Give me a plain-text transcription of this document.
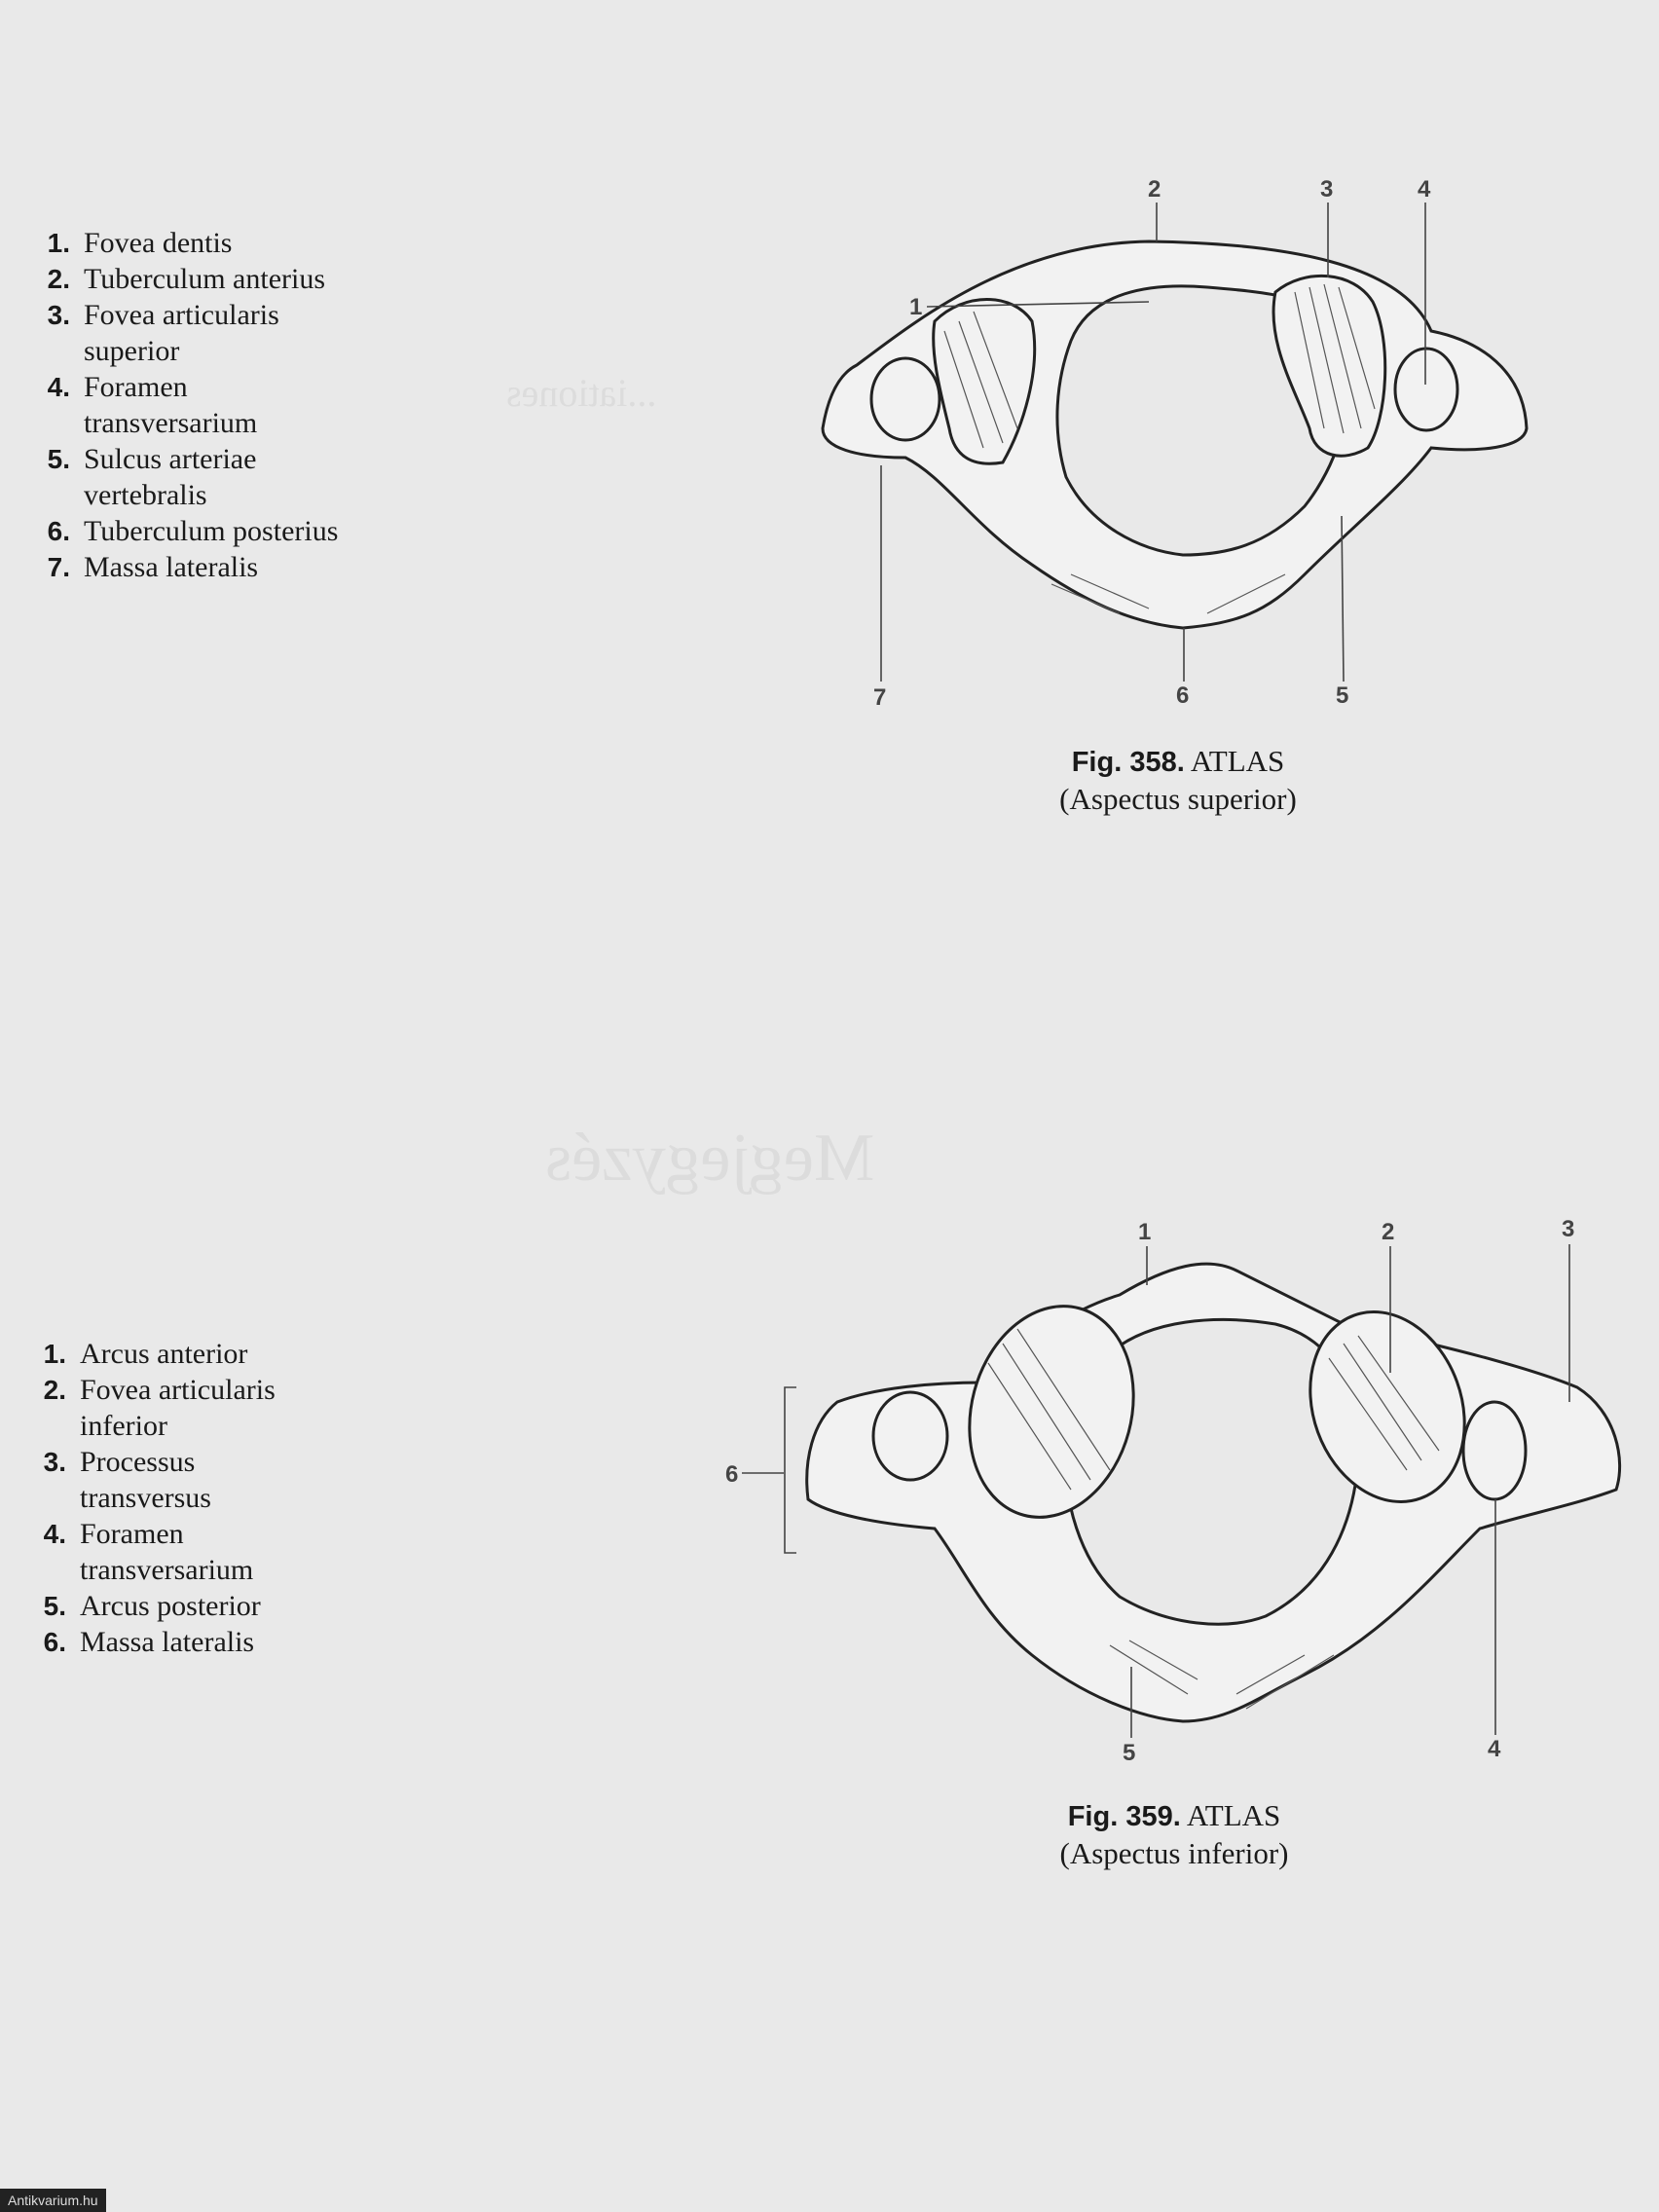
...iationes
Megjegyzés
1. Fovea dentis
2. Tuberculum anterius
3. Fovea articularis superior
4. Foramen transversarium
5. Sulcus arteriae vertebralis
6. Tuberculum posterius
7. Massa lateralis
1
2	3	4
5
6
7
Fig. 358. ATLAS
(Aspectus superior)
1. Arcus anterior
2. Fovea articularis inferior
3. Processus transversus
4. Foramen transversarium
5. Arcus posterior
6. Massa lateralis
1	2	3
4
5
6
Fig. 359. ATLAS
(Aspectus inferior)
Antikvarium.hu
